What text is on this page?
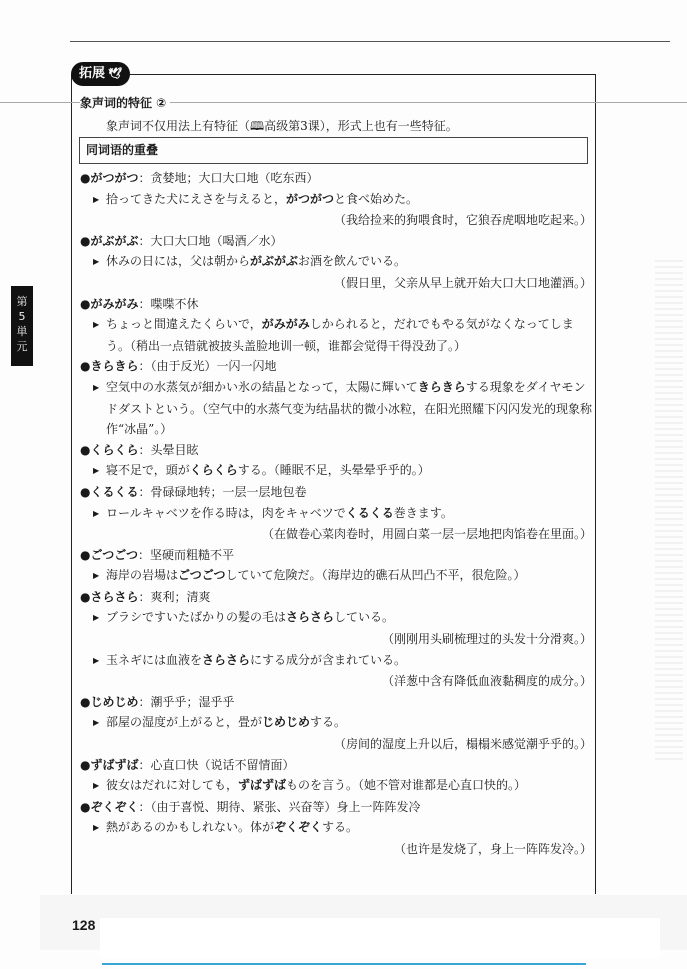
拓展 🕊
象声词的特征 ②
象声词不仅用法上有特征（🕮高级第3课），形式上也有一些特征。
同词语的重叠
●がつがつ：贪婪地；大口大口地（吃东西）
▶ 拾ってきた犬にえさを与えると，がつがつと食べ始めた。
（我给捡来的狗喂食时，它狼吞虎咽地吃起来。）
●がぶがぶ：大口大口地（喝酒／水）
▶ 休みの日には，父は朝からがぶがぶお酒を飲んでいる。
（假日里，父亲从早上就开始大口大口地灌酒。）
●がみがみ：喋喋不休
▶ ちょっと間違えたくらいで，がみがみしかられると，だれでもやる気がなくなってしまう。（稍出一点错就被披头盖脸地训一顿，谁都会觉得干得没劲了。）
●きらきら：（由于反光）一闪一闪地
▶ 空気中の水蒸気が細かい氷の結晶となって，太陽に輝いてきらきらする現象をダイヤモンドダストという。（空气中的水蒸气变为结晶状的微小冰粒，在阳光照耀下闪闪发光的现象称作“冰晶”。）
●くらくら：头晕目眩
▶ 寝不足で，頭がくらくらする。（睡眠不足，头晕晕乎乎的。）
●くるくる：骨碌碌地转；一层一层地包卷
▶ ロールキャベツを作る時は，肉をキャベツでくるくる巻きます。
（在做卷心菜肉卷时，用圆白菜一层一层地把肉馅卷在里面。）
●ごつごつ：坚硬而粗糙不平
▶ 海岸の岩場はごつごつしていて危険だ。（海岸边的礁石从凹凸不平，很危险。）
●さらさら：爽利；清爽
▶ ブラシですいたばかりの髪の毛はさらさらしている。
（刚刚用头刷梳理过的头发十分滑爽。）
▶ 玉ネギには血液をさらさらにする成分が含まれている。
（洋葱中含有降低血液黏稠度的成分。）
●じめじめ：潮乎乎；湿乎乎
▶ 部屋の湿度が上がると，畳がじめじめする。
（房间的湿度上升以后，榻榻米感觉潮乎乎的。）
●ずばずば：心直口快（说话不留情面）
▶ 彼女はだれに対しても，ずばずばものを言う。（她不管对谁都是心直口快的。）
●ぞくぞく：（由于喜悦、期待、紧张、兴奋等）身上一阵阵发冷
▶ 熱があるのかもしれない。体がぞくぞくする。
（也许是发烧了，身上一阵阵发冷。）
第
5
単
元
128
